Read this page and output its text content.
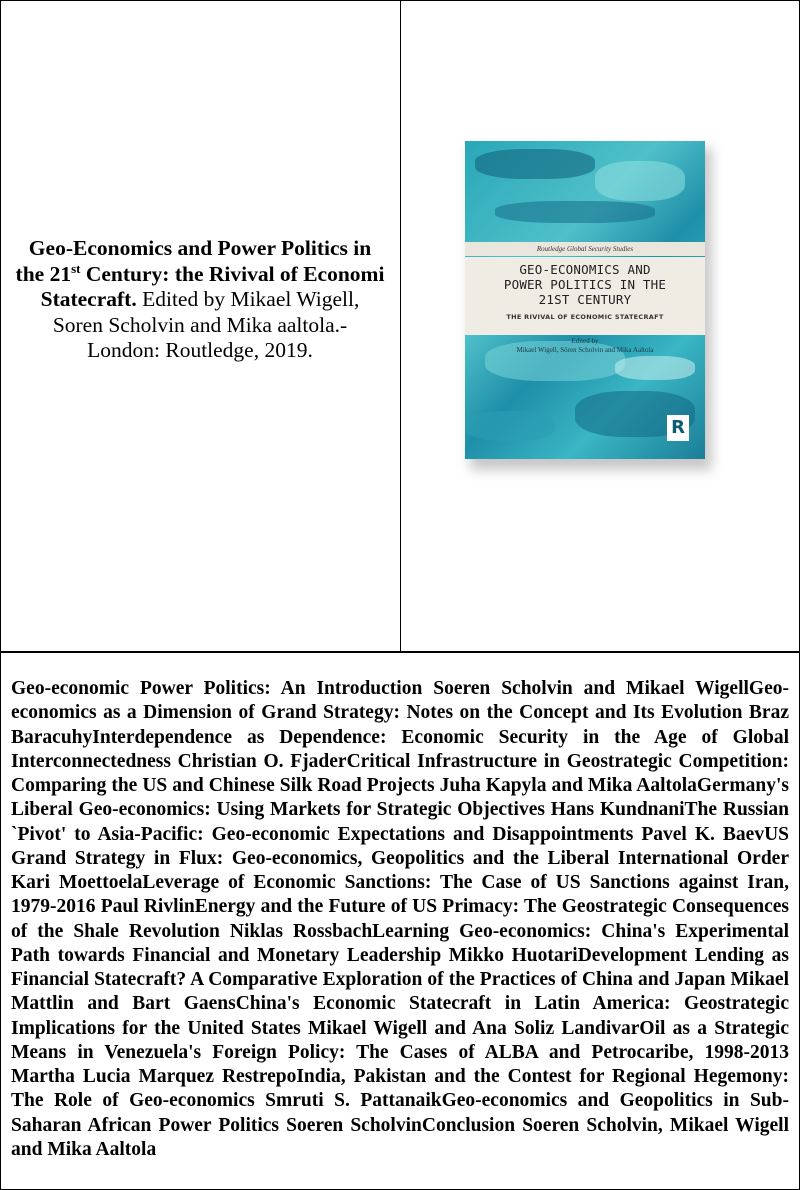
Geo-Economics and Power Politics in the 21st Century: the Rivival of Economi Statecraft. Edited by Mikael Wigell, Soren Scholvin and Mika aaltola.- London: Routledge, 2019.
Routledge Global Security Studies
GEO-ECONOMICS AND
POWER POLITICS IN THE
21ST CENTURY
THE RIVIVAL OF ECONOMIC STATECRAFT
Edited by
Mikael Wigell, Sören Scholvin and Mika Aaltola
R
Geo-economic Power Politics: An Introduction Soeren Scholvin and Mikael WigellGeo-economics as a Dimension of Grand Strategy: Notes on the Concept and Its Evolution Braz BaracuhyInterdependence as Dependence: Economic Security in the Age of Global Interconnectedness Christian O. FjaderCritical Infrastructure in Geostrategic Competition: Comparing the US and Chinese Silk Road Projects Juha Kapyla and Mika AaltolaGermany's Liberal Geo-economics: Using Markets for Strategic Objectives Hans KundnaniThe Russian `Pivot' to Asia-Pacific: Geo-economic Expectations and Disappointments Pavel K. BaevUS Grand Strategy in Flux: Geo-economics, Geopolitics and the Liberal International Order Kari MoettoelaLeverage of Economic Sanctions: The Case of US Sanctions against Iran, 1979-2016 Paul RivlinEnergy and the Future of US Primacy: The Geostrategic Consequences of the Shale Revolution Niklas RossbachLearning Geo-economics: China's Experimental Path towards Financial and Monetary Leadership Mikko HuotariDevelopment Lending as Financial Statecraft? A Comparative Exploration of the Practices of China and Japan Mikael Mattlin and Bart GaensChina's Economic Statecraft in Latin America: Geostrategic Implications for the United States Mikael Wigell and Ana Soliz LandivarOil as a Strategic Means in Venezuela's Foreign Policy: The Cases of ALBA and Petrocaribe, 1998-2013 Martha Lucia Marquez RestrepoIndia, Pakistan and the Contest for Regional Hegemony: The Role of Geo-economics Smruti S. PattanaikGeo-economics and Geopolitics in Sub-Saharan African Power Politics Soeren ScholvinConclusion Soeren Scholvin, Mikael Wigell and Mika Aaltola
